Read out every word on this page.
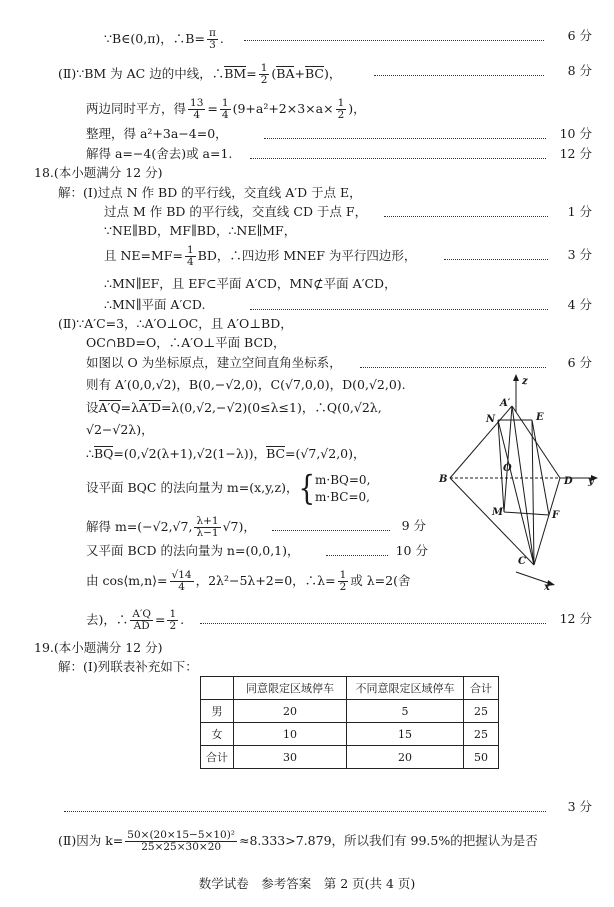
∵B∈(0,π)，∴B= $\frac{\pi}{3}$ .	6 分
(Ⅱ)∵BM 为 AC 边的中线，∴BM= $\frac{1}{2} (BA+BC)$，	8 分
两边同时平方，得 $\frac{13}{4} = \frac{1}{4} (9+a^2+2\times 3\times a\times \frac{1}{2}$ )，
整理，得 a²+3a−4=0，	10 分
解得 a=−4(舍去)或 a=1.	12 分
18.(本小题满分 12 分)
解：(Ⅰ)过点 N 作 BD 的平行线，交直线 A′D 于点 E，
过点 M 作 BD 的平行线，交直线 CD 于点 F，	1 分
∵NE∥BD，MF∥BD，∴NE∥MF，
且 $NE=MF= \frac{1}{4}$ BD，∴四边形 MNEF 为平行四边形，	3 分
∴MN∥EF，且 EF⊂平面 A′CD，MN⊄平面 A′CD，
∴MN∥平面 A′CD.	4 分
(Ⅱ)∵A′C=3，∴A′O⊥OC，且 A′O⊥BD，
OC∩BD=O，∴A′O⊥平面 BCD，
如图以 O 为坐标原点，建立空间直角坐标系，	6 分
则有 A′(0,0,√2)，B(0,−√2,0)，C(√7,0,0)，D(0,√2,0).
设A′Q=λA′D=λ(0,√2,−√2)(0≤λ≤1)，∴Q(0,√2λ,
√2−√2λ)，
∴BQ=(0,√2(λ+1),√2(1−λ))，BC=(√7,√2,0)，
设平面 BQC 的法向量为 m=(x,y,z)，{m·BQ=0,
m·BC=0,
解得 m=(−√2,√7, $\frac{\lambda+1}{\lambda-1} √7$)，	9 分
又平面 BCD 的法向量为 n=(0,0,1)，	10 分
由 cos⟨m,n⟩= $\frac{√14}{4}$ ，2λ²−5λ+2=0，∴λ= $\frac{1}{2}$ 或 λ=2(舍
去)，∴ $\frac{A'Q}{AD} = \frac{1}{2}$ .	12 分
19.(本小题满分 12 分)
解：(Ⅰ)列联表补充如下：
	同意限定区域停车	不同意限定区域停车	合计
男	20	5	25
女	10	15	25
合计	30	20	50
3 分
(Ⅱ)因为 $k= \frac{\text{50×(20×15−5×10)²}}{25\times 25\times 30\times 20} \approx 8.333>7.879$，所以我们有 99.5%的把握认为是否
数学试卷　参考答案　第 2 页(共 4 页)
z
A′
N	E
O
B	D y
M	F
C
x
